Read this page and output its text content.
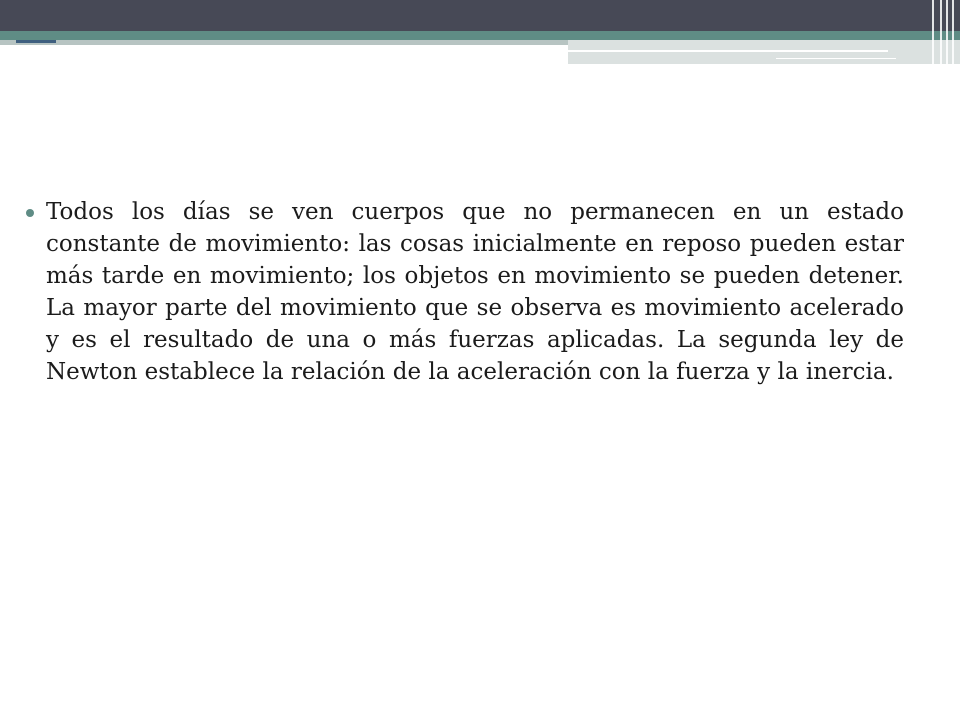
Todos los días se ven cuerpos que no permanecen en un estado constante de movimiento: las cosas inicialmente en reposo pueden estar más tarde en movimiento; los objetos en movimiento se pueden detener. La mayor parte del movimiento que se observa es movimiento acelerado y es el resultado de una o más fuerzas aplicadas. La segunda ley de Newton establece la relación de la aceleración con la fuerza y la inercia.
